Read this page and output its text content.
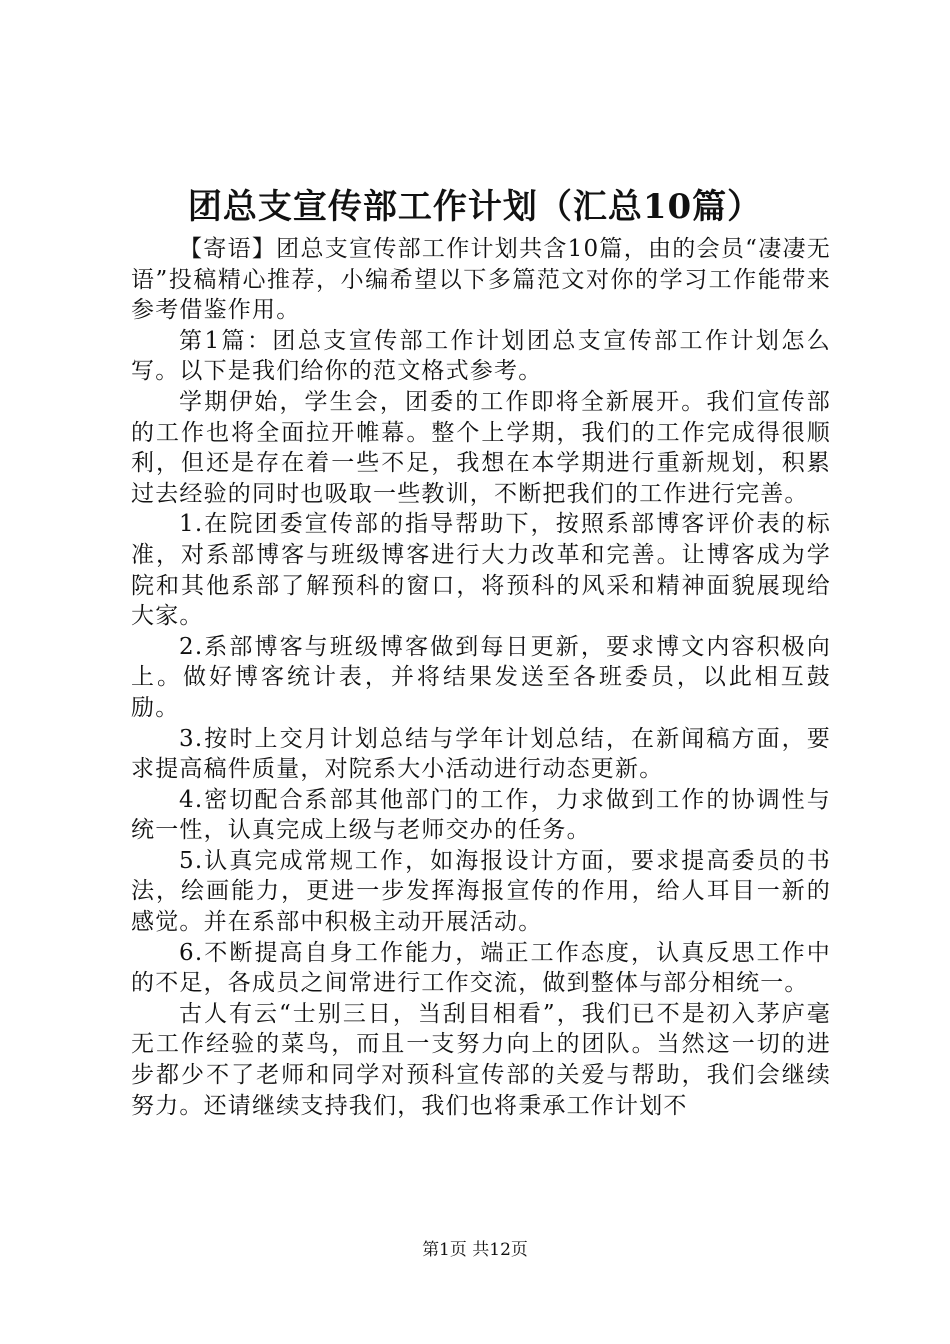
团总支宣传部工作计划（汇总10篇）

【寄语】团总支宣传部工作计划共含10篇，由的会员“凄凄无语”投稿精心推荐，小编希望以下多篇范文对你的学习工作能带来参考借鉴作用。

第1篇：团总支宣传部工作计划团总支宣传部工作计划怎么写。以下是我们给你的范文格式参考。

学期伊始，学生会，团委的工作即将全新展开。我们宣传部的工作也将全面拉开帷幕。整个上学期，我们的工作完成得很顺利，但还是存在着一些不足，我想在本学期进行重新规划，积累过去经验的同时也吸取一些教训，不断把我们的工作进行完善。

1.在院团委宣传部的指导帮助下，按照系部博客评价表的标准，对系部博客与班级博客进行大力改革和完善。让博客成为学院和其他系部了解预科的窗口，将预科的风采和精神面貌展现给大家。

2.系部博客与班级博客做到每日更新，要求博文内容积极向上。做好博客统计表，并将结果发送至各班委员，以此相互鼓励。

3.按时上交月计划总结与学年计划总结，在新闻稿方面，要求提高稿件质量，对院系大小活动进行动态更新。

4.密切配合系部其他部门的工作，力求做到工作的协调性与统一性，认真完成上级与老师交办的任务。

5.认真完成常规工作，如海报设计方面，要求提高委员的书法，绘画能力，更进一步发挥海报宣传的作用，给人耳目一新的感觉。并在系部中积极主动开展活动。

6.不断提高自身工作能力，端正工作态度，认真反思工作中的不足，各成员之间常进行工作交流，做到整体与部分相统一。

古人有云“士别三日，当刮目相看”，我们已不是初入茅庐毫无工作经验的菜鸟，而且一支努力向上的团队。当然这一切的进步都少不了老师和同学对预科宣传部的关爱与帮助，我们会继续努力。还请继续支持我们，我们也将秉承工作计划不

第1页 共12页
